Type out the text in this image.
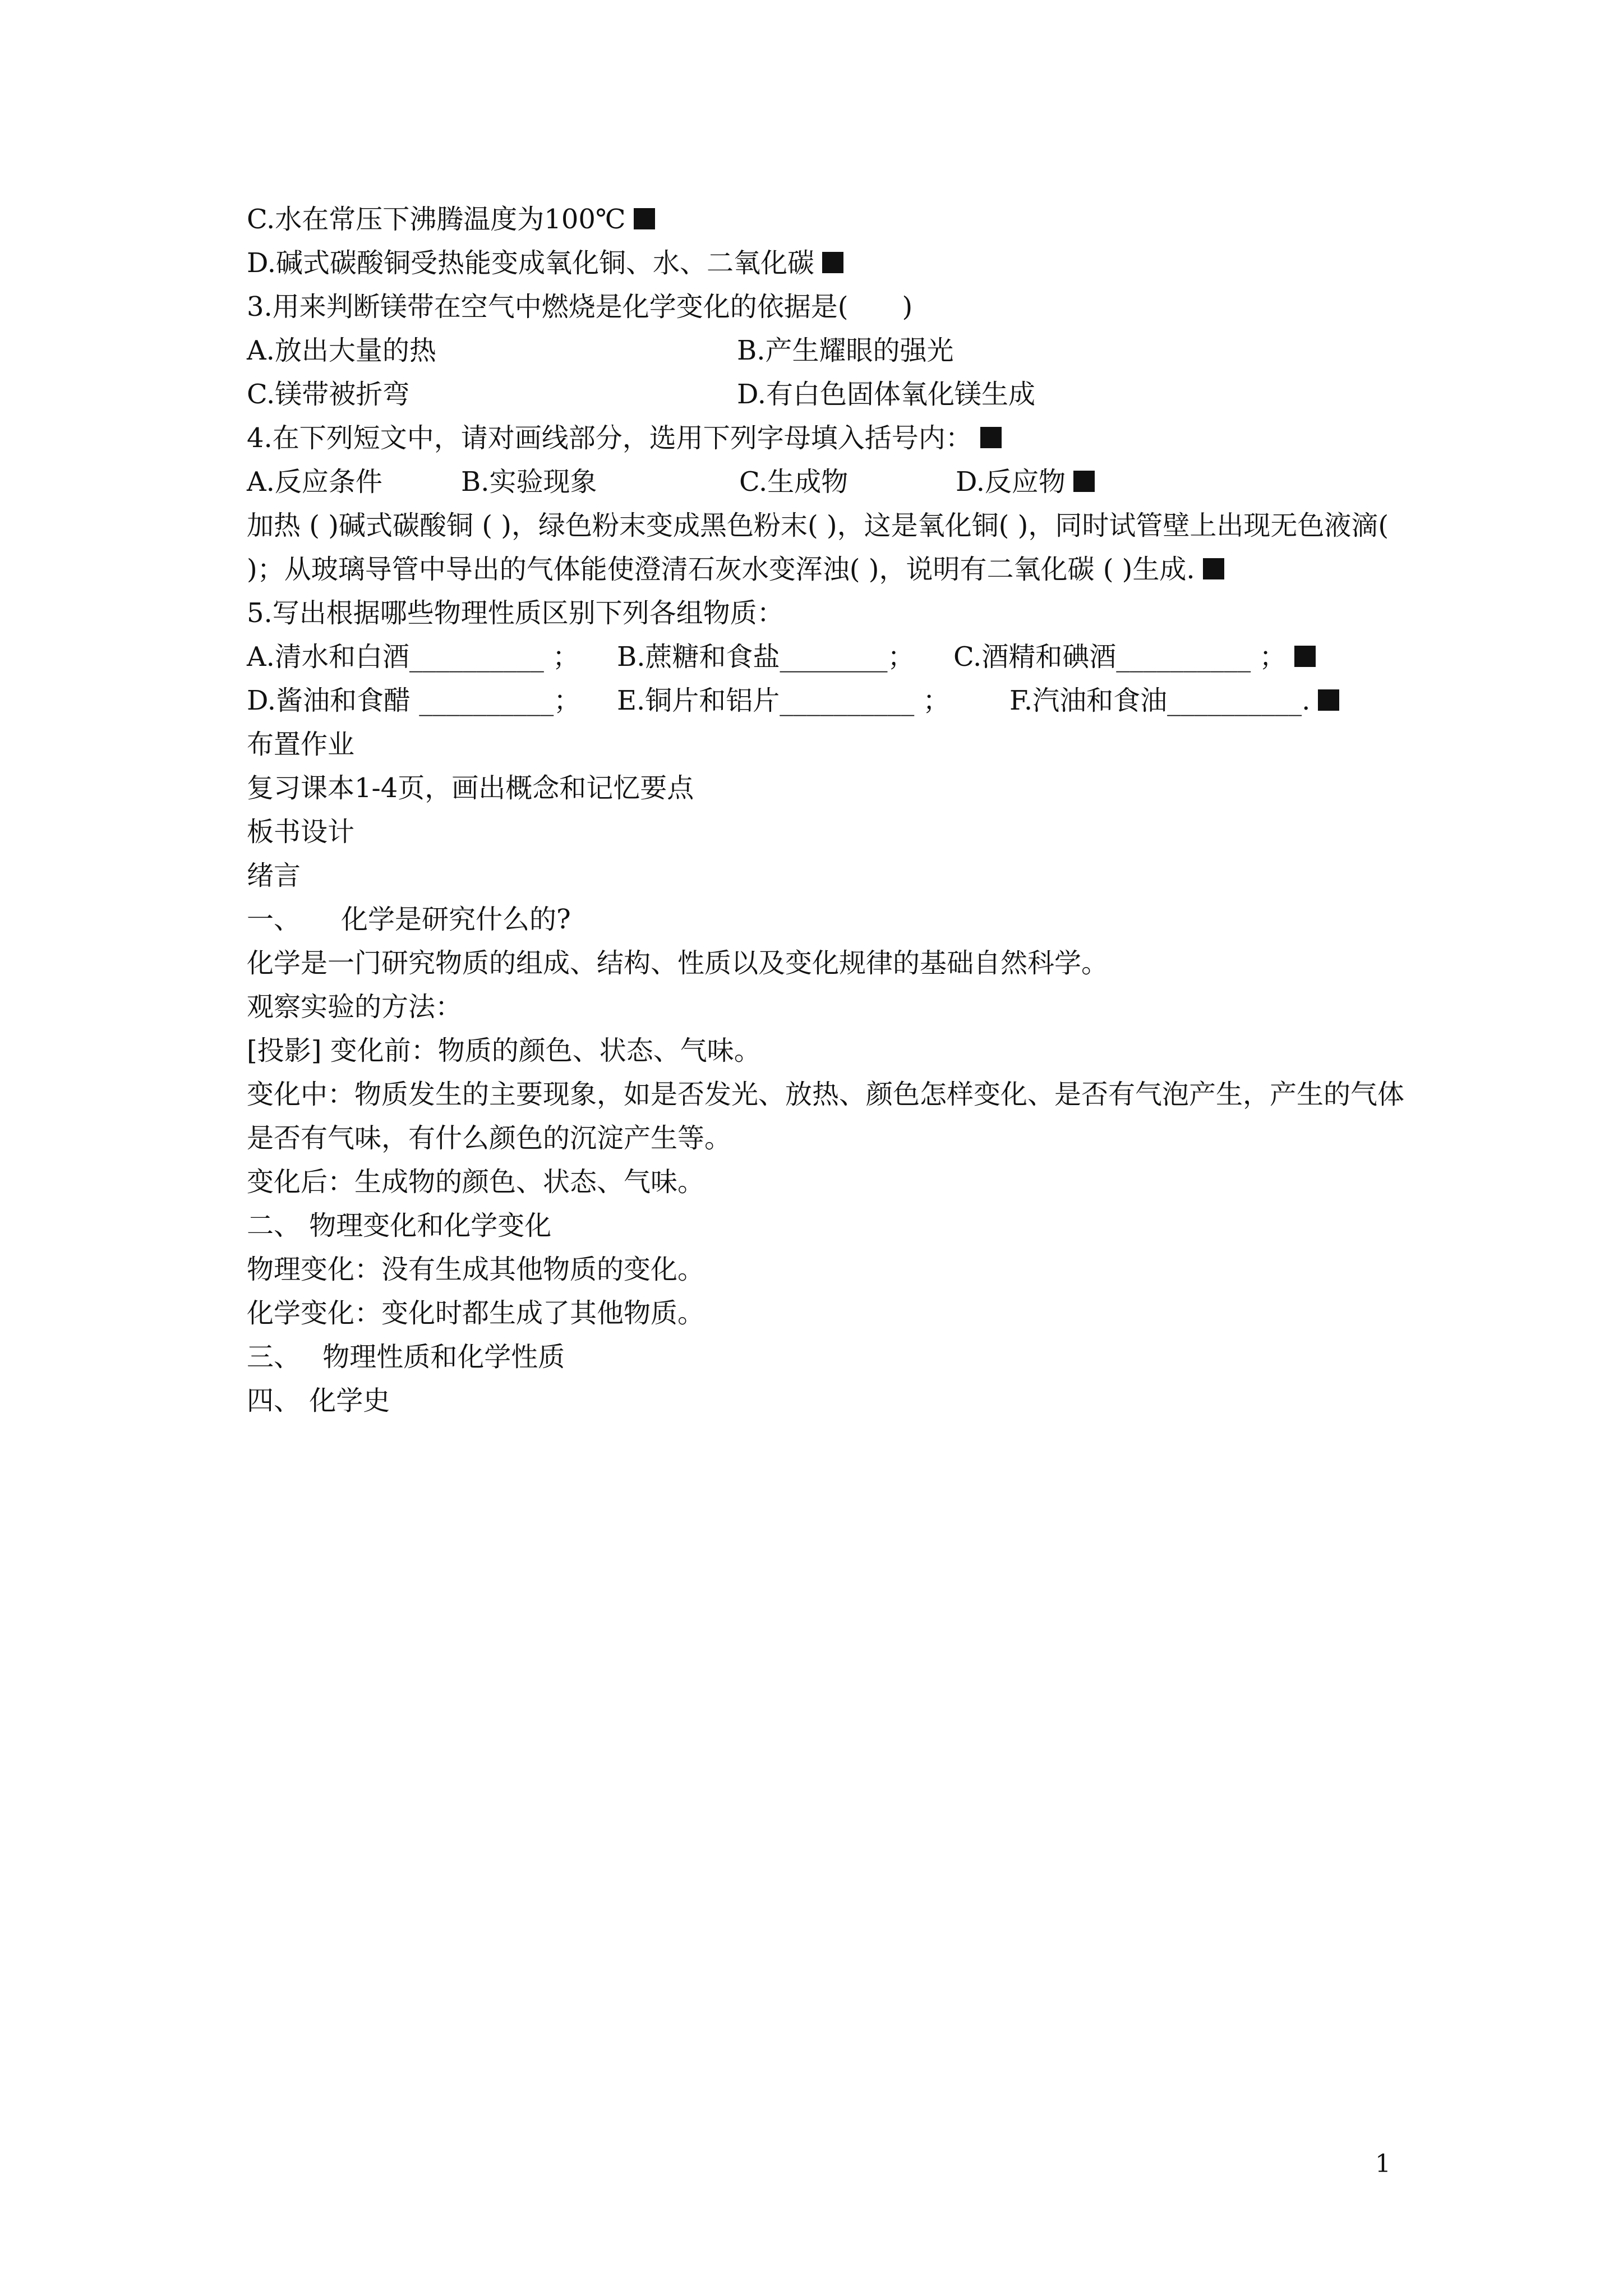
C.水在常压下沸腾温度为100℃
D.碱式碳酸铜受热能变成氧化铜、水、二氧化碳
3.用来判断镁带在空气中燃烧是化学变化的依据是(　　)

A.放出大量的热

	B.产生耀眼的强光

C.镁带被折弯

	D.有白色固体氧化镁生成

4.在下列短文中，请对画线部分，选用下列字母填入括号内：

A.反应条件

	B.实验现象

	C.生成物

	D.反应物

加热 ( )碱式碳酸铜 ( )，绿色粉末变成黑色粉末( )，这是氧化铜( )，同时试管壁上出现无色液滴( )；从玻璃导管中导出的气体能使澄清石灰水变浑浊( )，说明有二氧化碳 ( )生成.
5.写出根据哪些物理性质区别下列各组物质：

A.清水和白酒__________ ；

B.蔗糖和食盐________；

C.酒精和碘酒__________ ；

D.酱油和食醋 __________；

E.铜片和铝片__________ ；

F.汽油和食油__________.

布置作业
复习课本1-4页，画出概念和记忆要点
板书设计
绪言
一、　　化学是研究什么的?
化学是一门研究物质的组成、结构、性质以及变化规律的基础自然科学。
观察实验的方法：
[投影] 变化前：物质的颜色、状态、气味。
变化中：物质发生的主要现象，如是否发光、放热、颜色怎样变化、是否有气泡产生，产生的气体是否有气味，有什么颜色的沉淀产生等。
变化后：生成物的颜色、状态、气味。
二、 物理变化和化学变化
物理变化：没有生成其他物质的变化。
化学变化：变化时都生成了其他物质。
三、　 物理性质和化学性质
四、 化学史
1
